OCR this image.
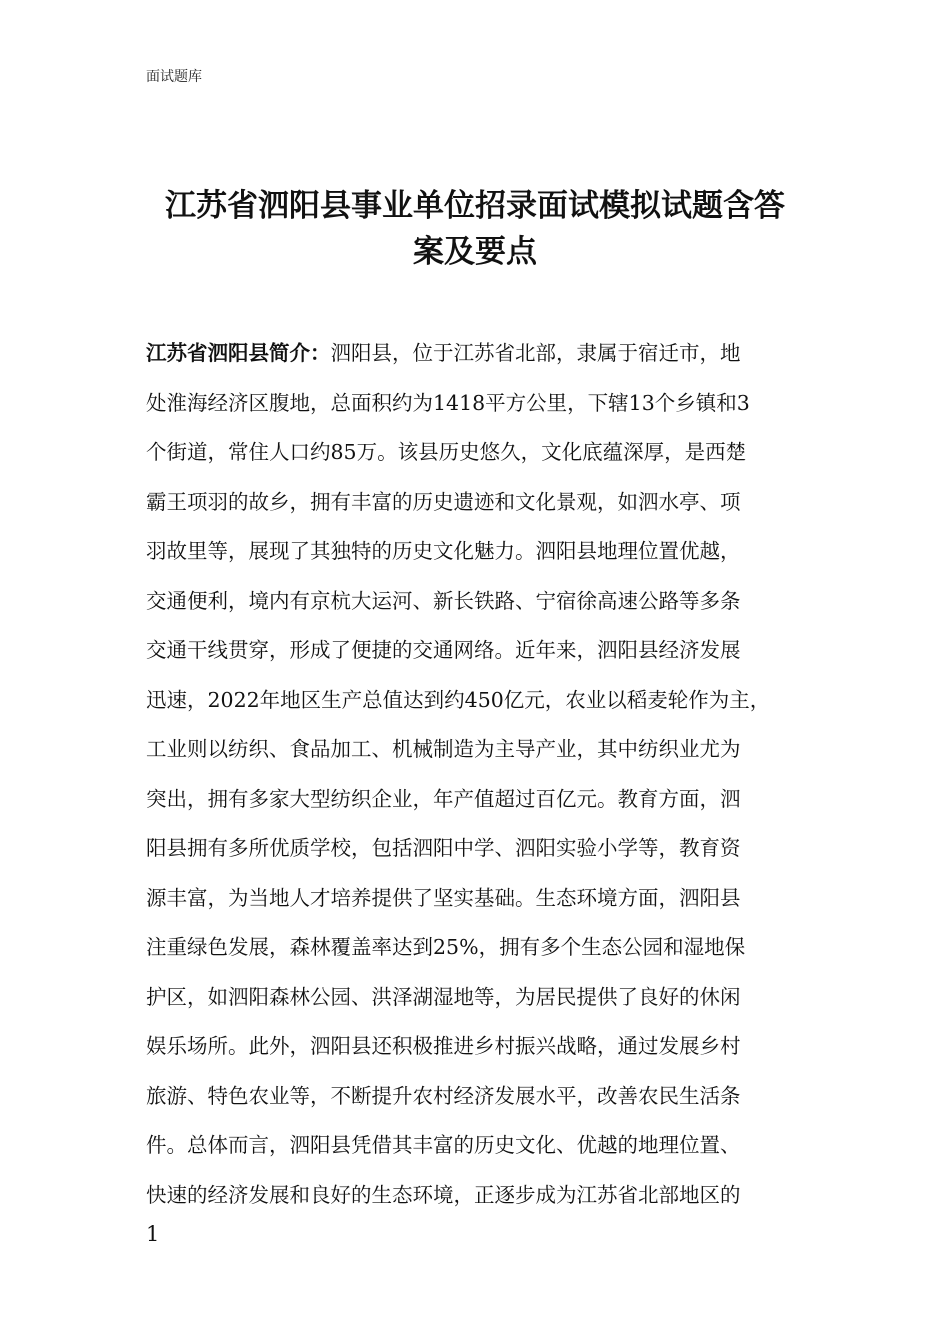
面试题库
江苏省泗阳县事业单位招录面试模拟试题含答
案及要点
江苏省泗阳县简介：泗阳县，位于江苏省北部，隶属于宿迁市，地
处淮海经济区腹地，总面积约为1418平方公里，下辖13个乡镇和3
个街道，常住人口约85万。该县历史悠久，文化底蕴深厚，是西楚
霸王项羽的故乡，拥有丰富的历史遗迹和文化景观，如泗水亭、项
羽故里等，展现了其独特的历史文化魅力。泗阳县地理位置优越，
交通便利，境内有京杭大运河、新长铁路、宁宿徐高速公路等多条
交通干线贯穿，形成了便捷的交通网络。近年来，泗阳县经济发展
迅速，2022年地区生产总值达到约450亿元，农业以稻麦轮作为主，
工业则以纺织、食品加工、机械制造为主导产业，其中纺织业尤为
突出，拥有多家大型纺织企业，年产值超过百亿元。教育方面，泗
阳县拥有多所优质学校，包括泗阳中学、泗阳实验小学等，教育资
源丰富，为当地人才培养提供了坚实基础。生态环境方面，泗阳县
注重绿色发展，森林覆盖率达到25%，拥有多个生态公园和湿地保
护区，如泗阳森林公园、洪泽湖湿地等，为居民提供了良好的休闲
娱乐场所。此外，泗阳县还积极推进乡村振兴战略，通过发展乡村
旅游、特色农业等，不断提升农村经济发展水平，改善农民生活条
件。总体而言，泗阳县凭借其丰富的历史文化、优越的地理位置、
快速的经济发展和良好的生态环境，正逐步成为江苏省北部地区的
1
